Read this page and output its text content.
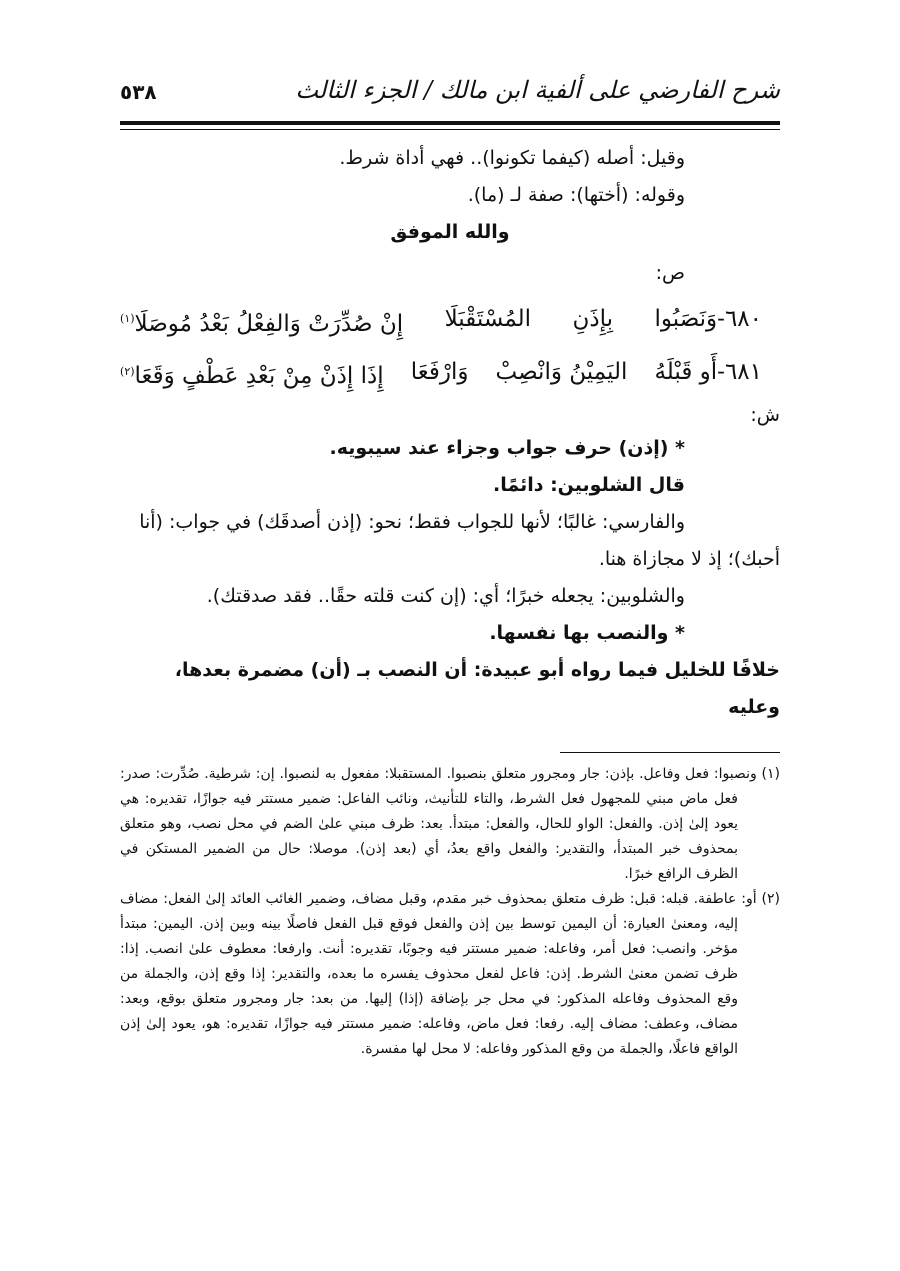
شرح الفارضي على ألفية ابن مالك / الجزء الثالث
٥٣٨

وقيل: أصله (كيفما تكونوا).. فهي أداة شرط.

وقوله: (أختها): صفة لـ (ما).

والله الموفق

ص:

٦٨٠-وَنَصَبُوا
بِإِذَنِ
المُسْتَقْبَلَا
إِنْ صُدِّرَتْ وَالفِعْلُ بَعْدُ مُوصَلَا$^{(١)}$
٦٨١-أَو قَبْلَهُ
اليَمِيْنُ وَانْصِبْ
وَارْفَعَا
إِذَا إِذَنْ مِنْ بَعْدِ عَطْفٍ وَقَعَا$^{(٢)}$

ش:

* (إذن) حرف جواب وجزاء عند سيبويه.

قال الشلوبين: دائمًا.

والفارسي: غالبًا؛ لأنها للجواب فقط؛ نحو: (إذن أصدقَك) في جواب: (أنا

أحبك)؛ إذ لا مجازاة هنا.

والشلوبين: يجعله خبرًا؛ أي: (إن كنت قلته حقًا.. فقد صدقتك).

* والنصب بها نفسها.

خلافًا للخليل فيما رواه أبو عبيدة: أن النصب بـ (أن) مضمرة بعدها، وعليه

(١) ونصبوا: فعل وفاعل. بإذن: جار ومجرور متعلق بنصبوا. المستقبلا: مفعول به لنصبوا. إن: شرطية. صُدِّرت: صدر: فعل ماض مبني للمجهول فعل الشرط، والتاء للتأنيث، ونائب الفاعل: ضمير مستتر فيه جوازًا، تقديره: هي يعود إلىٰ إذن. والفعل: الواو للحال، والفعل: مبتدأ. بعد: ظرف مبني علىٰ الضم في محل نصب، وهو متعلق بمحذوف خبر المبتدأ، والتقدير: والفعل واقع بعدُ، أي (بعد إذن). موصلا: حال من الضمير المستكن في الظرف الرافع خبرًا.

(٢) أو: عاطفة. قبله: قبل: ظرف متعلق بمحذوف خبر مقدم، وقبل مضاف، وضمير الغائب العائد إلىٰ الفعل: مضاف إليه، ومعنىٰ العبارة: أن اليمين توسط بين إذن والفعل فوقع قبل الفعل فاصلًا بينه وبين إذن. اليمين: مبتدأ مؤخر. وانصب: فعل أمر، وفاعله: ضمير مستتر فيه وجوبًا، تقديره: أنت. وارفعا: معطوف علىٰ انصب. إذا: ظرف تضمن معنىٰ الشرط. إذن: فاعل لفعل محذوف يفسره ما بعده، والتقدير: إذا وقع إذن، والجملة من وقع المحذوف وفاعله المذكور: في محل جر بإضافة (إذا) إليها. من بعد: جار ومجرور متعلق بوقع، وبعد: مضاف، وعطف: مضاف إليه. رفعا: فعل ماض، وفاعله: ضمير مستتر فيه جوازًا، تقديره: هو، يعود إلىٰ إذن الواقع فاعلًا، والجملة من وقع المذكور وفاعله: لا محل لها مفسرة.
